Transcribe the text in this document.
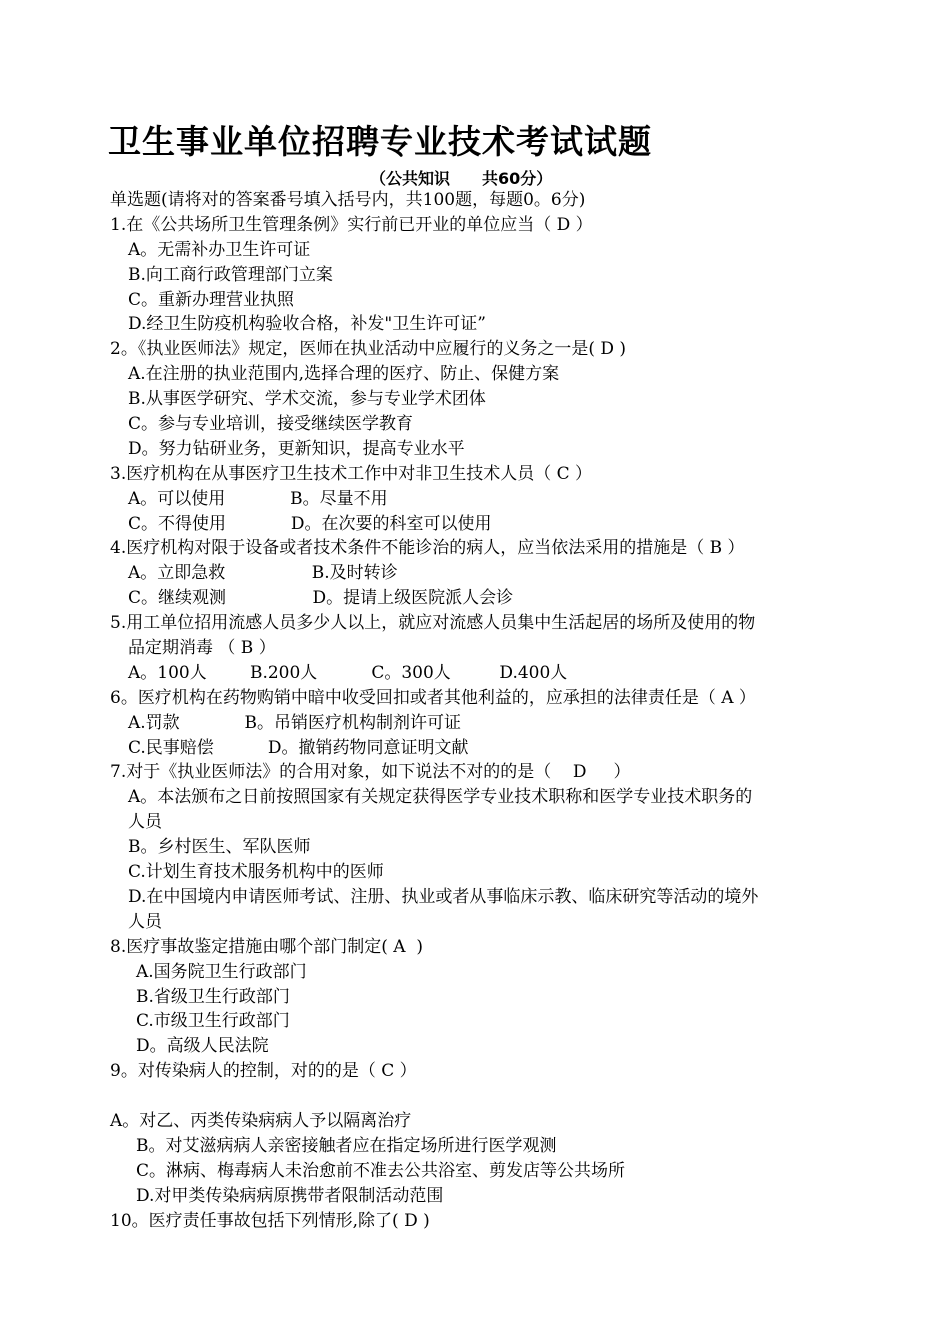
卫生事业单位招聘专业技术考试试题
（公共知识　　共60分）
单选题(请将对的答案番号填入括号内，共100题，每题0。6分)
1.在《公共场所卫生管理条例》实行前已开业的单位应当（ D ）
A。无需补办卫生许可证
B.向工商行政管理部门立案
C。重新办理营业执照
D.经卫生防疫机构验收合格，补发"卫生许可证”
2。《执业医师法》规定，医师在执业活动中应履行的义务之一是( D )
A.在注册的执业范围内,选择合理的医疗、防止、保健方案
B.从事医学研究、学术交流，参与专业学术团体
C。参与专业培训，接受继续医学教育
D。努力钻研业务，更新知识，提高专业水平
3.医疗机构在从事医疗卫生技术工作中对非卫生技术人员（ C ）
A。可以使用            B。尽量不用
C。不得使用            D。在次要的科室可以使用
4.医疗机构对限于设备或者技术条件不能诊治的病人，应当依法采用的措施是（ B ）
A。立即急救                B.及时转诊
C。继续观测                D。提请上级医院派人会诊
5.用工单位招用流感人员多少人以上，就应对流感人员集中生活起居的场所及使用的物
品定期消毒 （ B ）
A。100人        B.200人          C。300人         D.400人
6。医疗机构在药物购销中暗中收受回扣或者其他利益的，应承担的法律责任是（ A ）
A.罚款            B。吊销医疗机构制剂许可证
C.民事赔偿          D。撤销药物同意证明文献
7.对于《执业医师法》的合用对象，如下说法不对的的是（    D     ）
A。本法颁布之日前按照国家有关规定获得医学专业技术职称和医学专业技术职务的
人员
B。乡村医生、军队医师
C.计划生育技术服务机构中的医师
D.在中国境内申请医师考试、注册、执业或者从事临床示教、临床研究等活动的境外
人员
8.医疗事故鉴定措施由哪个部门制定( A  )
A.国务院卫生行政部门
B.省级卫生行政部门
C.市级卫生行政部门
D。高级人民法院
9。对传染病人的控制，对的的是（ C ）
A。对乙、丙类传染病病人予以隔离治疗
B。对艾滋病病人亲密接触者应在指定场所进行医学观测
C。淋病、梅毒病人未治愈前不准去公共浴室、剪发店等公共场所
D.对甲类传染病病原携带者限制活动范围
10。医疗责任事故包括下列情形,除了( D )
